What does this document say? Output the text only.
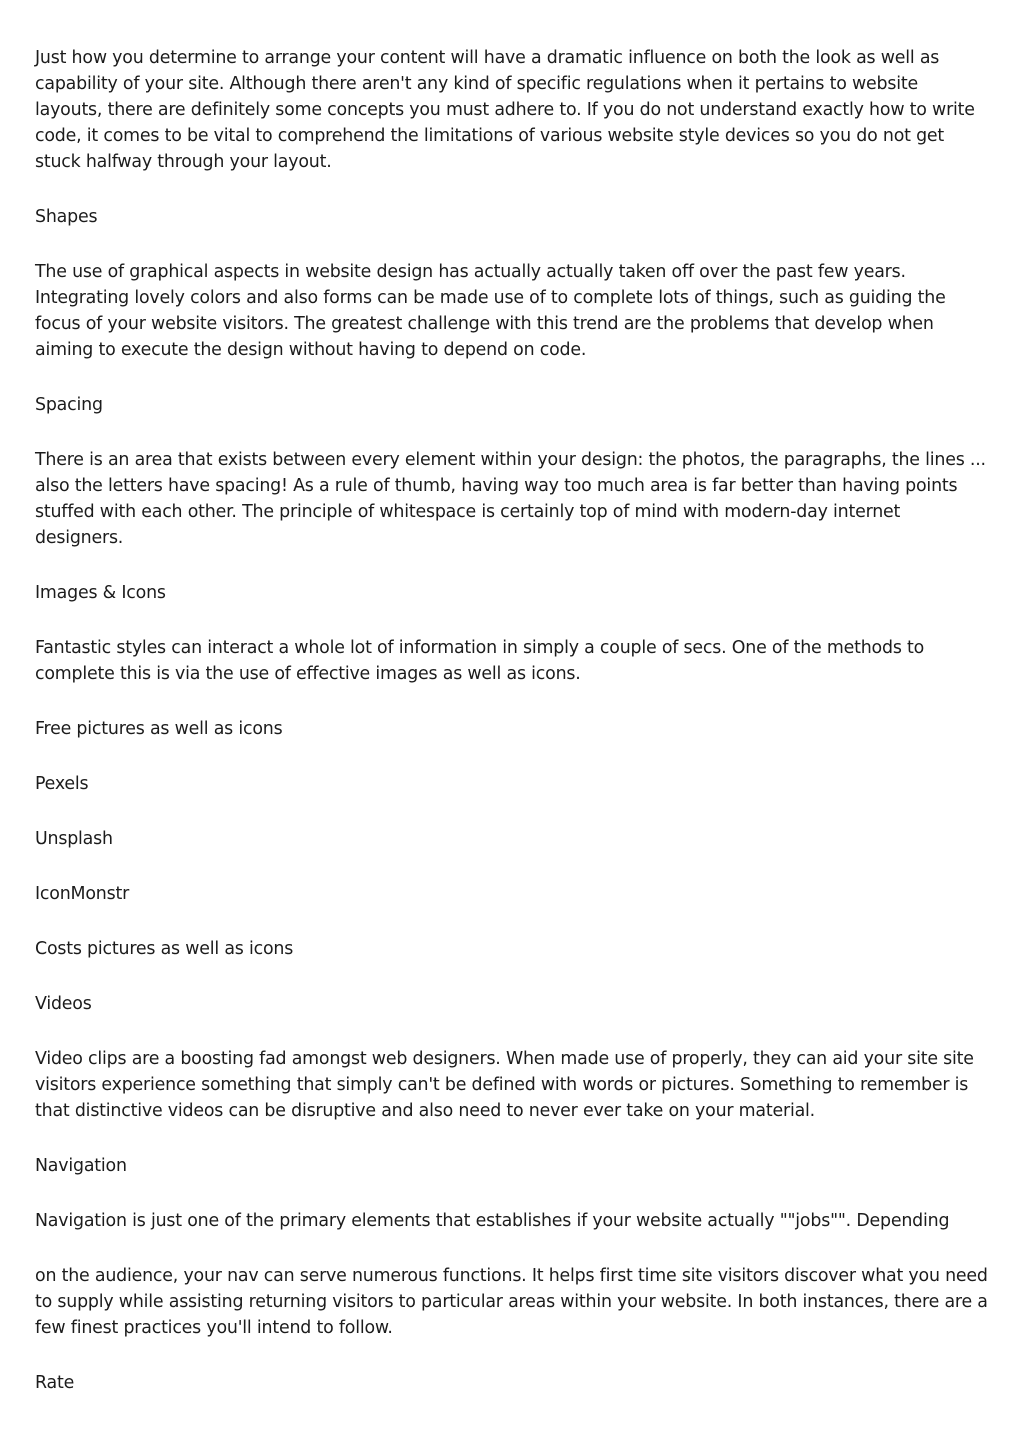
Just how you determine to arrange your content will have a dramatic influence on both the look as well as capability of your site. Although there aren't any kind of specific regulations when it pertains to website layouts, there are definitely some concepts you must adhere to. If you do not understand exactly how to write code, it comes to be vital to comprehend the limitations of various website style devices so you do not get stuck halfway through your layout.

Shapes

The use of graphical aspects in website design has actually actually taken off over the past few years. Integrating lovely colors and also forms can be made use of to complete lots of things, such as guiding the focus of your website visitors. The greatest challenge with this trend are the problems that develop when aiming to execute the design without having to depend on code.

Spacing

There is an area that exists between every element within your design: the photos, the paragraphs, the lines ... also the letters have spacing! As a rule of thumb, having way too much area is far better than having points stuffed with each other. The principle of whitespace is certainly top of mind with modern-day internet designers.

Images & Icons

Fantastic styles can interact a whole lot of information in simply a couple of secs. One of the methods to complete this is via the use of effective images as well as icons.

Free pictures as well as icons

Pexels

Unsplash

IconMonstr

Costs pictures as well as icons

Videos

Video clips are a boosting fad amongst web designers. When made use of properly, they can aid your site site visitors experience something that simply can't be defined with words or pictures. Something to remember is that distinctive videos can be disruptive and also need to never ever take on your material.

Navigation

Navigation is just one of the primary elements that establishes if your website actually ""jobs"". Depending

on the audience, your nav can serve numerous functions. It helps first time site visitors discover what you need to supply while assisting returning visitors to particular areas within your website. In both instances, there are a few finest practices you'll intend to follow.

Rate
